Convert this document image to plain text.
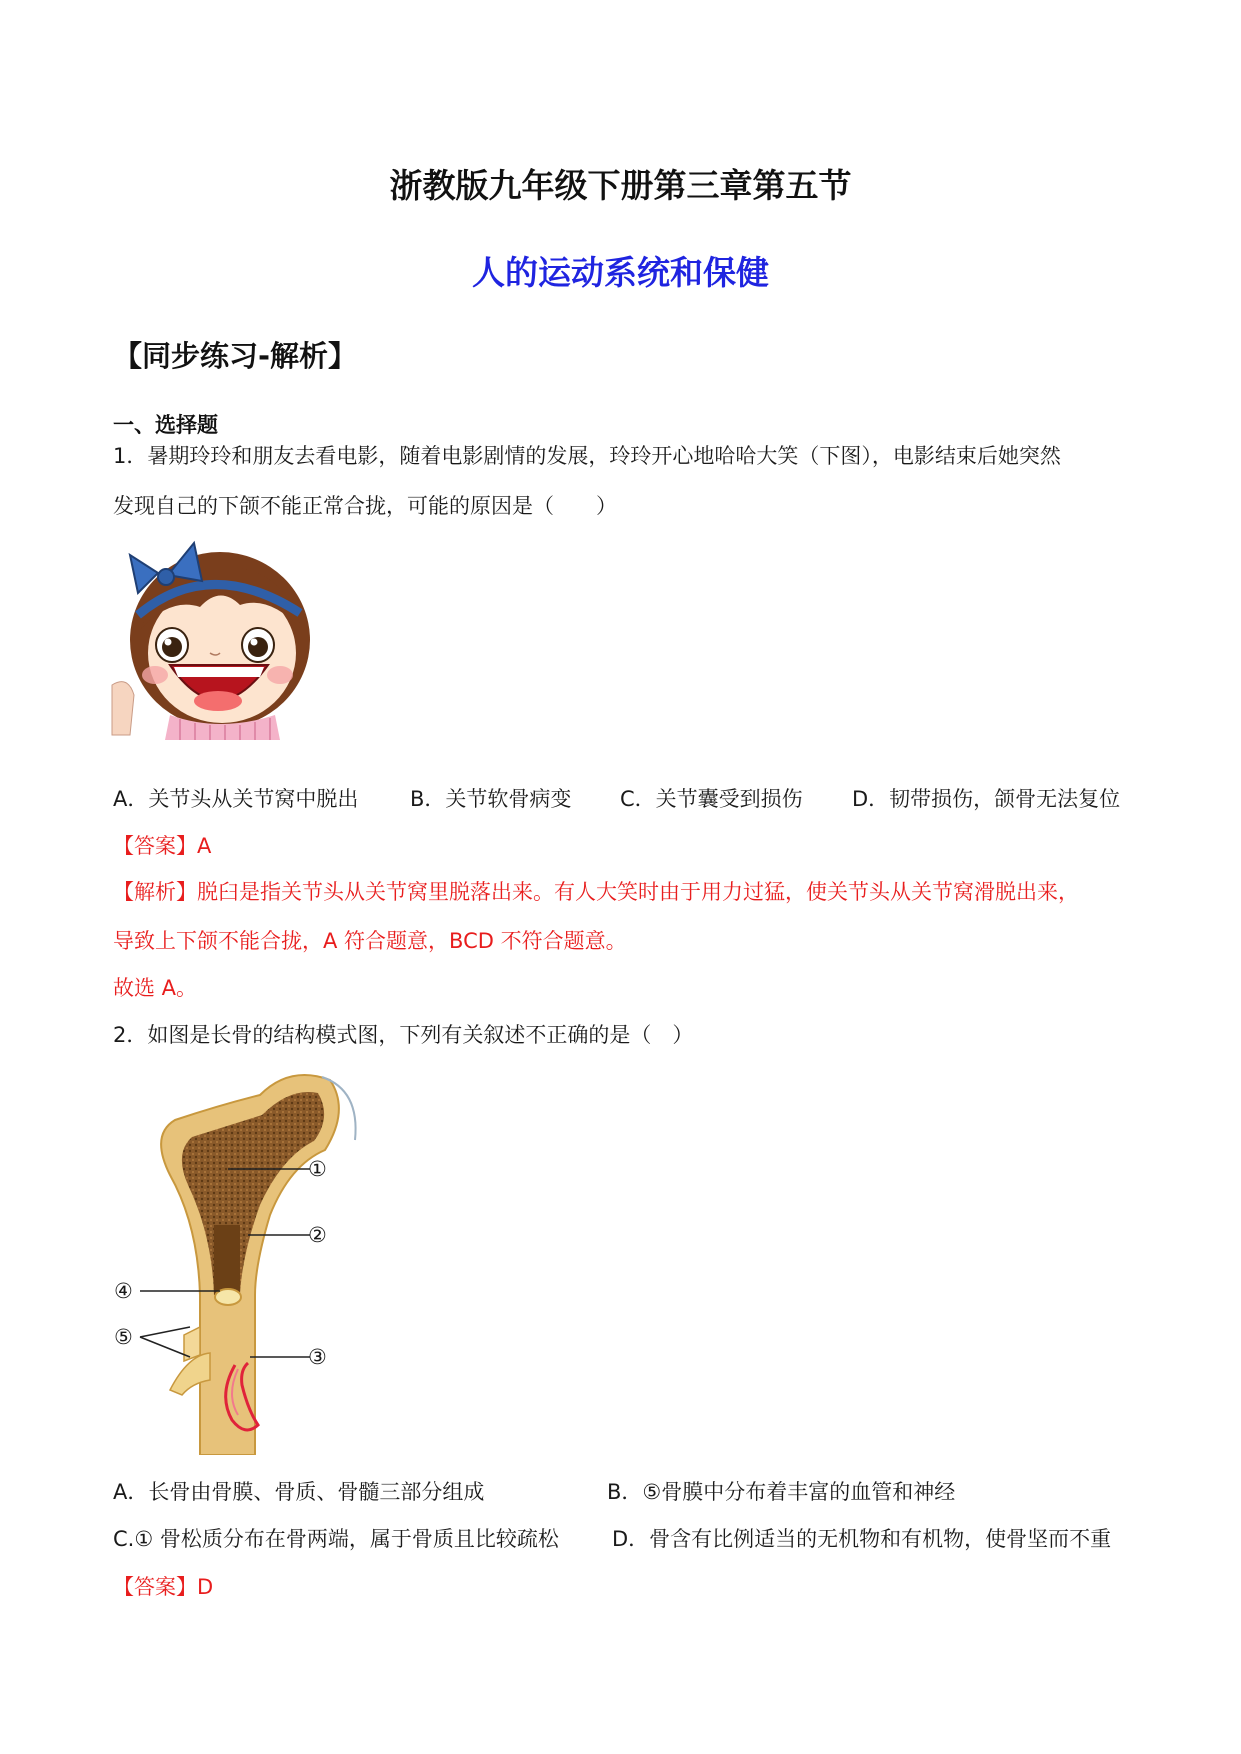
浙教版九年级下册第三章第五节
人的运动系统和保健
【同步练习-解析】
一、选择题
1．暑期玲玲和朋友去看电影，随着电影剧情的发展，玲玲开心地哈哈大笑（下图），电影结束后她突然
发现自己的下颌不能正常合拢，可能的原因是（　　）
A．关节头从关节窝中脱出 B．关节软骨病变 C．关节囊受到损伤 D．韧带损伤，颌骨无法复位
【答案】A
【解析】脱臼是指关节头从关节窝里脱落出来。有人大笑时由于用力过猛，使关节头从关节窝滑脱出来，
导致上下颌不能合拢，A 符合题意，BCD 不符合题意。
故选 A。
2．如图是长骨的结构模式图，下列有关叙述不正确的是（　）
①
②
③
④
⑤
A．长骨由骨膜、骨质、骨髓三部分组成	B．⑤骨膜中分布着丰富的血管和神经
C.① 骨松质分布在骨两端，属于骨质且比较疏松	D．骨含有比例适当的无机物和有机物，使骨坚而不重
【答案】D
